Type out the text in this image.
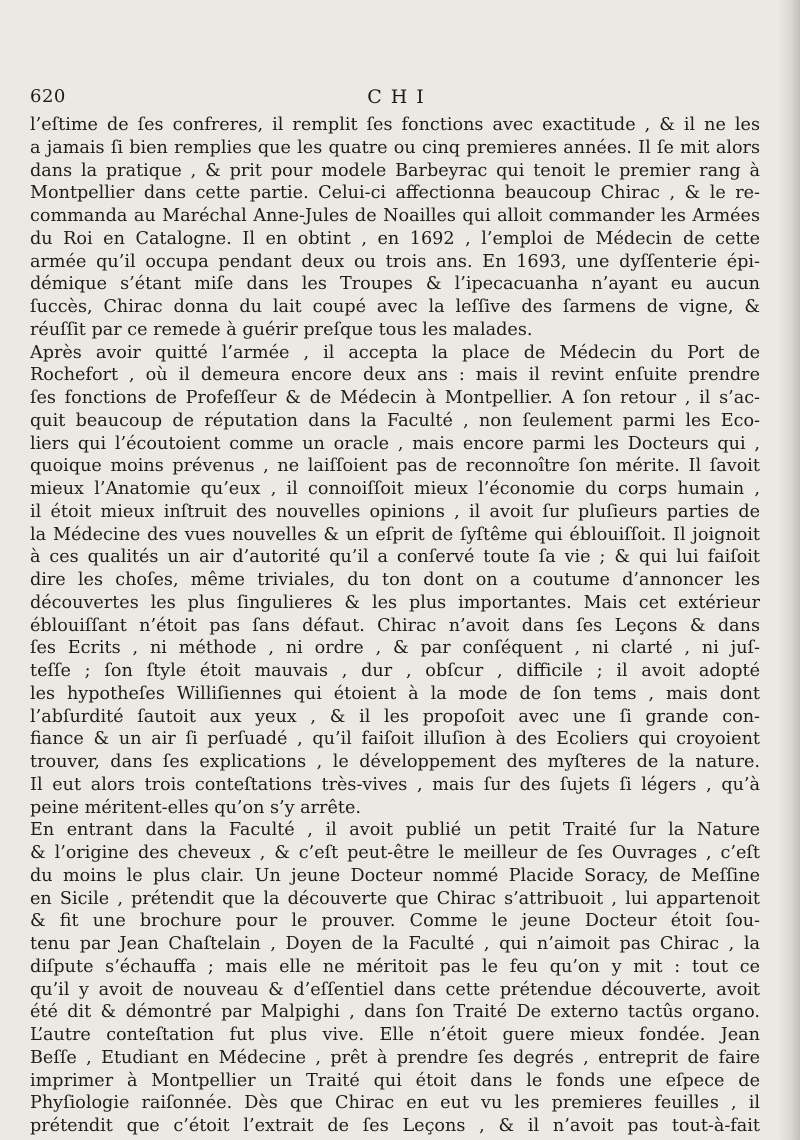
620	CHI
l’eſtime de ſes confreres, il remplit ſes fonctions avec exactitude , & il ne les
a jamais ſi bien remplies que les quatre ou cinq premieres années. Il ſe mit alors
dans la pratique , & prit pour modele Barbeyrac qui tenoit le premier rang à
Montpellier dans cette partie. Celui-ci affectionna beaucoup Chirac , & le re-
commanda au Maréchal Anne-Jules de Noailles qui alloit commander les Armées
du Roi en Catalogne. Il en obtint , en 1692 , l’emploi de Médecin de cette
armée qu’il occupa pendant deux ou trois ans. En 1693, une dyſſenterie épi-
démique s’étant miſe dans les Troupes & l’ipecacuanha n’ayant eu aucun
ſuccès, Chirac donna du lait coupé avec la leſſive des ſarmens de vigne, &
réuſſit par ce remede à guérir preſque tous les malades.
Après avoir quitté l’armée , il accepta la place de Médecin du Port de
Rochefort , où il demeura encore deux ans : mais il revint enſuite prendre
ſes fonctions de Profeſſeur & de Médecin à Montpellier. A ſon retour , il s’ac-
quit beaucoup de réputation dans la Faculté , non ſeulement parmi les Eco-
liers qui l’écoutoient comme un oracle , mais encore parmi les Docteurs qui ,
quoique moins prévenus , ne laiſſoient pas de reconnoître ſon mérite. Il ſavoit
mieux l’Anatomie qu’eux , il connoiſſoit mieux l’économie du corps humain ,
il étoit mieux inſtruit des nouvelles opinions , il avoit ſur pluſieurs parties de
la Médecine des vues nouvelles & un eſprit de ſyſtême qui éblouiſſoit. Il joignoit
à ces qualités un air d’autorité qu’il a conſervé toute ſa vie ; & qui lui faiſoit
dire les choſes, même triviales, du ton dont on a coutume d’annoncer les
découvertes les plus ſingulieres & les plus importantes. Mais cet extérieur
éblouiſſant n’étoit pas ſans défaut. Chirac n’avoit dans ſes Leçons & dans
ſes Ecrits , ni méthode , ni ordre , & par conſéquent , ni clarté , ni juſ-
teſſe ; ſon ſtyle étoit mauvais , dur , obſcur , difficile ; il avoit adopté
les hypotheſes Williſiennes qui étoient à la mode de ſon tems , mais dont
l’abſurdité ſautoit aux yeux , & il les propoſoit avec une ſi grande con-
fiance & un air ſi perſuadé , qu’il faiſoit illuſion à des Ecoliers qui croyoient
trouver, dans ſes explications , le développement des myſteres de la nature.
Il eut alors trois conteſtations très-vives , mais ſur des ſujets ſi légers , qu’à
peine méritent-elles qu’on s’y arrête.
En entrant dans la Faculté , il avoit publié un petit Traité ſur la Nature
& l’origine des cheveux , & c’eſt peut-être le meilleur de ſes Ouvrages , c’eſt
du moins le plus clair. Un jeune Docteur nommé Placide Soracy, de Meſſine
en Sicile , prétendit que la découverte que Chirac s’attribuoit , lui appartenoit
& fit une brochure pour le prouver. Comme le jeune Docteur étoit ſou-
tenu par Jean Chaſtelain , Doyen de la Faculté , qui n’aimoit pas Chirac , la
diſpute s’échauffa ; mais elle ne méritoit pas le feu qu’on y mit : tout ce
qu’il y avoit de nouveau & d’eſſentiel dans cette prétendue découverte, avoit
été dit & démontré par Malpighi , dans ſon Traité De externo tactûs organo.
L’autre conteſtation fut plus vive. Elle n’étoit guere mieux fondée. Jean
Beſſe , Etudiant en Médecine , prêt à prendre ſes degrés , entreprit de faire
imprimer à Montpellier un Traité qui étoit dans le fonds une eſpece de
Phyſiologie raiſonnée. Dès que Chirac en eut vu les premieres feuilles , il
prétendit que c’étoit l’extrait de ſes Leçons , & il n’avoit pas tout-à-fait
